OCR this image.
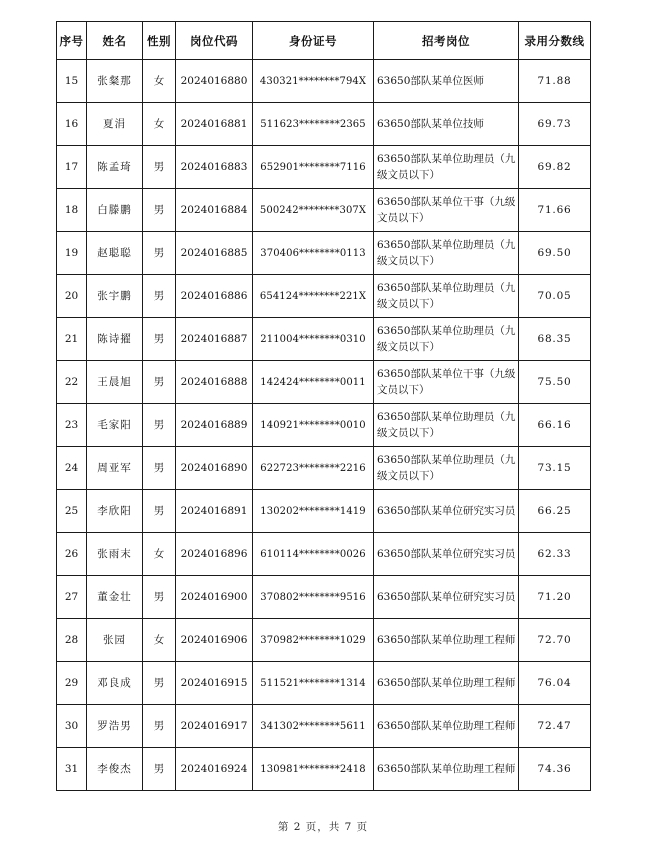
序号	姓名	性别	岗位代码	身份证号	招考岗位	录用分数线
15	张粲那	女	2024016880	430321********794X	63650部队某单位医师	71.88
16	夏涓	女	2024016881	511623********2365	63650部队某单位技师	69.73
17	陈孟琦	男	2024016883	652901********7116	63650部队某单位助理员（九级文员以下）	69.82
18	白滕鹏	男	2024016884	500242********307X	63650部队某单位干事（九级文员以下）	71.66
19	赵聪聪	男	2024016885	370406********0113	63650部队某单位助理员（九级文员以下）	69.50
20	张宇鹏	男	2024016886	654124********221X	63650部队某单位助理员（九级文员以下）	70.05
21	陈诗擢	男	2024016887	211004********0310	63650部队某单位助理员（九级文员以下）	68.35
22	王晨旭	男	2024016888	142424********0011	63650部队某单位干事（九级文员以下）	75.50
23	毛家阳	男	2024016889	140921********0010	63650部队某单位助理员（九级文员以下）	66.16
24	周亚军	男	2024016890	622723********2216	63650部队某单位助理员（九级文员以下）	73.15
25	李欣阳	男	2024016891	130202********1419	63650部队某单位研究实习员	66.25
26	张雨末	女	2024016896	610114********0026	63650部队某单位研究实习员	62.33
27	董金壮	男	2024016900	370802********9516	63650部队某单位研究实习员	71.20
28	张园	女	2024016906	370982********1029	63650部队某单位助理工程师	72.70
29	邓良成	男	2024016915	511521********1314	63650部队某单位助理工程师	76.04
30	罗浩男	男	2024016917	341302********5611	63650部队某单位助理工程师	72.47
31	李俊杰	男	2024016924	130981********2418	63650部队某单位助理工程师	74.36
第 2 页，共 7 页
